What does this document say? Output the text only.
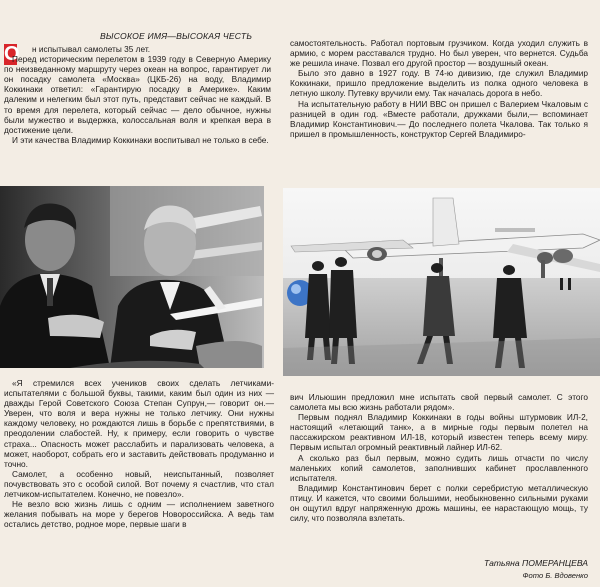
ВЫСОКОЕ ИМЯ—ВЫСОКАЯ ЧЕСТЬ
О	н испытывал самолеты 35 лет.

Перед историческим перелетом в 1939 году в Северную Америку по неизведанному маршруту через океан на вопрос, гарантирует ли он посадку самолета «Москва» (ЦКБ-26) на воду, Владимир Коккинаки ответил: «Гарантирую посадку в Америке». Каким далеким и нелегким был этот путь, представит сейчас не каждый. В то время для перелета, который сейчас — дело обычное, нужны были мужество и выдержка, колоссальная воля и крепкая вера в достижение цели.

И эти качества Владимир Коккинаки воспитывал не только в себе.

самостоятельность. Работал портовым грузчиком. Когда уходил служить в армию, с морем расставался трудно. Но был уверен, что вернется. Судьба же решила иначе. Позвал его другой простор — воздушный океан.

Было это давно в 1927 году. В 74-ю дивизию, где служил Владимир Коккинаки, пришло предложение выделить из полка одного человека в летную школу. Путевку вручили ему. Так началась дорога в небо.

На испытательную работу в НИИ ВВС он пришел с Валерием Чкаловым с разницей в один год. «Вместе работали, дружками были,— вспоминает Владимир Константинович.— До последнего полета Чкалова. Так только я пришел в промышленность, конструктор Сергей Владимиро-

«Я стремился всех учеников своих сделать летчиками-испытателями с большой буквы, такими, каким был один из них — дважды Герой Советского Союза Степан Супрун,— говорит он.— Уверен, что воля и вера нужны не только летчику. Они нужны каждому человеку, но рождаются лишь в борьбе с препятствиями, в преодолении слабостей. Ну, к примеру, если говорить о чувстве страха... Опасность может расслабить и парализовать человека, а может, наоборот, собрать его и заставить действовать продуманно и точно.

Самолет, а особенно новый, неиспытанный, позволяет почувствовать это с особой силой. Вот почему я счастлив, что стал летчиком-испытателем. Конечно, не повезло».

Не везло всю жизнь лишь с одним — исполнением заветного желания побывать на море у берегов Новороссийска. А ведь там остались детство, родное море, первые шаги в

вич Ильюшин предложил мне испытать свой первый самолет. С этого самолета мы всю жизнь работали рядом».

Первым поднял Владимир Коккинаки в годы войны штурмовик ИЛ-2, настоящий «летающий танк», а в мирные годы первым полетел на пассажирском реактивном ИЛ-18, который известен теперь всему миру. Первым испытал огромный реактивный лайнер ИЛ-62.

А сколько раз был первым, можно судить лишь отчасти по числу маленьких копий самолетов, заполнивших кабинет прославленного испытателя.

Владимир Константинович берет с полки серебристую металлическую птицу. И кажется, что своими большими, необыкновенно сильными руками он ощутил вдруг напряженную дрожь машины, ее нарастающую мощь, ту силу, что позволяла взлетать.

Татьяна ПОМЕРАНЦЕВА
Фото Б. Вдовенко
